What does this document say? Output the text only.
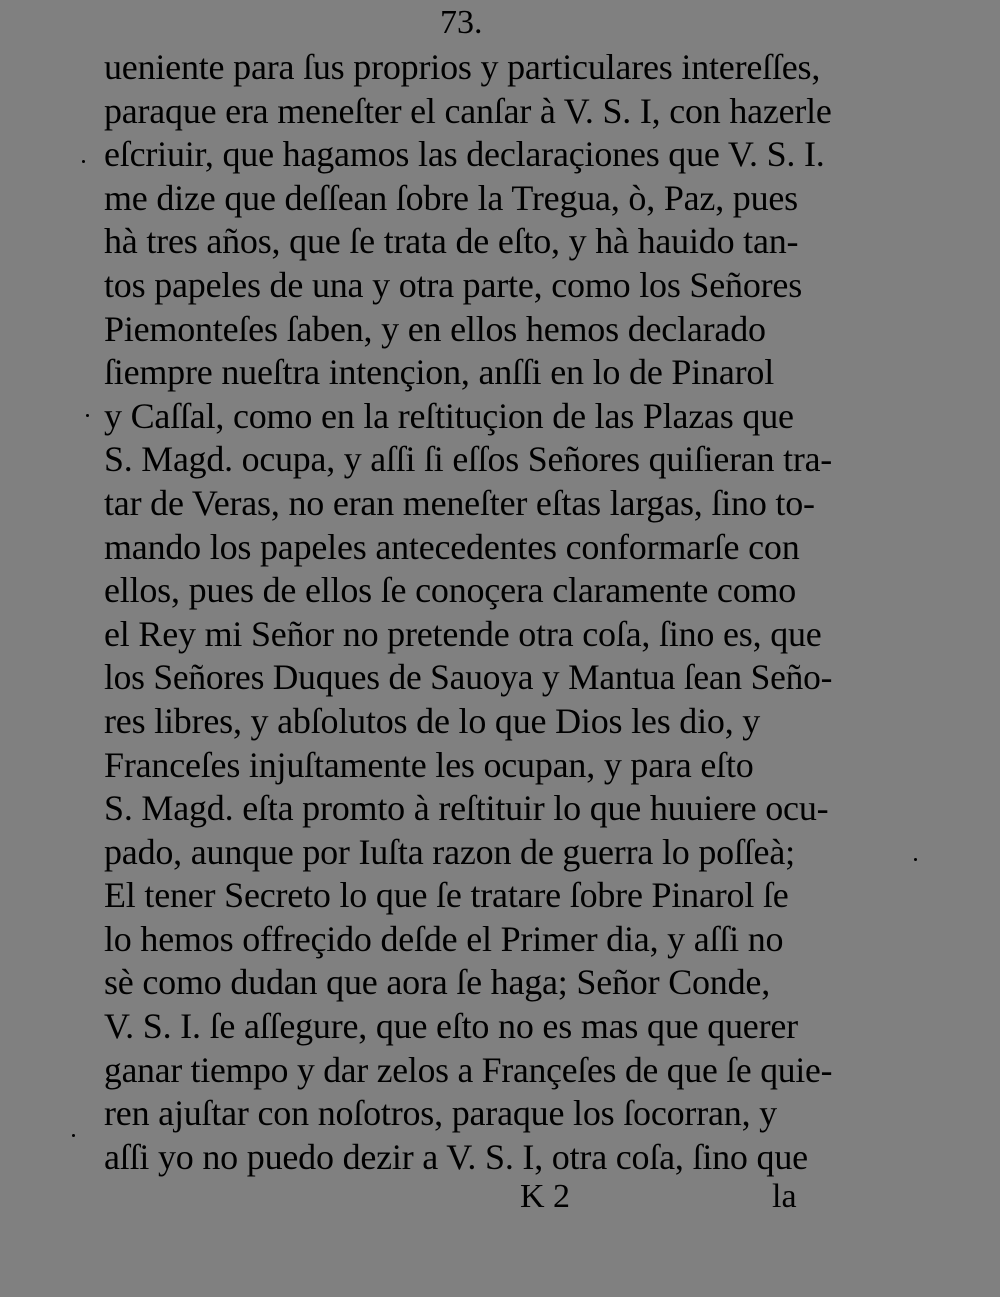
73.
ueniente para ſus proprios y particulares intereſſes,
paraque era meneſter el canſar à V. S. I, con hazerle
eſcriuir, que hagamos las declaraçiones que V. S. I.
me dize que deſſean ſobre la Tregua, ò, Paz, pues
hà tres años, que ſe trata de eſto, y hà hauido tan-
tos papeles de una y otra parte, como los Señores
Piemonteſes ſaben, y en ellos hemos declarado
ſiempre nueſtra intençion, anſſi en lo de Pinarol
y Caſſal, como en la reſtituçion de las Plazas que
S. Magd. ocupa, y aſſi ſi eſſos Señores quiſieran tra-
tar de Veras, no eran meneſter eſtas largas, ſino to-
mando los papeles antecedentes conformarſe con
ellos, pues de ellos ſe conoçera claramente como
el Rey mi Señor no pretende otra coſa, ſino es, que
los Señores Duques de Sauoya y Mantua ſean Seño-
res libres, y abſolutos de lo que Dios les dio, y
Franceſes injuſtamente les ocupan, y para eſto
S. Magd. eſta promto à reſtituir lo que huuiere ocu-
pado, aunque por Iuſta razon de guerra lo poſſeà;
El tener Secreto lo que ſe tratare ſobre Pinarol ſe
lo hemos offreçido deſde el Primer dia, y aſſi no
sè como dudan que aora ſe haga; Señor Conde,
V. S. I. ſe aſſegure, que eſto no es mas que querer
ganar tiempo y dar zelos a Françeſes de que ſe quie-
ren ajuſtar con noſotros, paraque los ſocorran, y
aſſi yo no puedo dezir a V. S. I, otra coſa, ſino que
K 2	la
